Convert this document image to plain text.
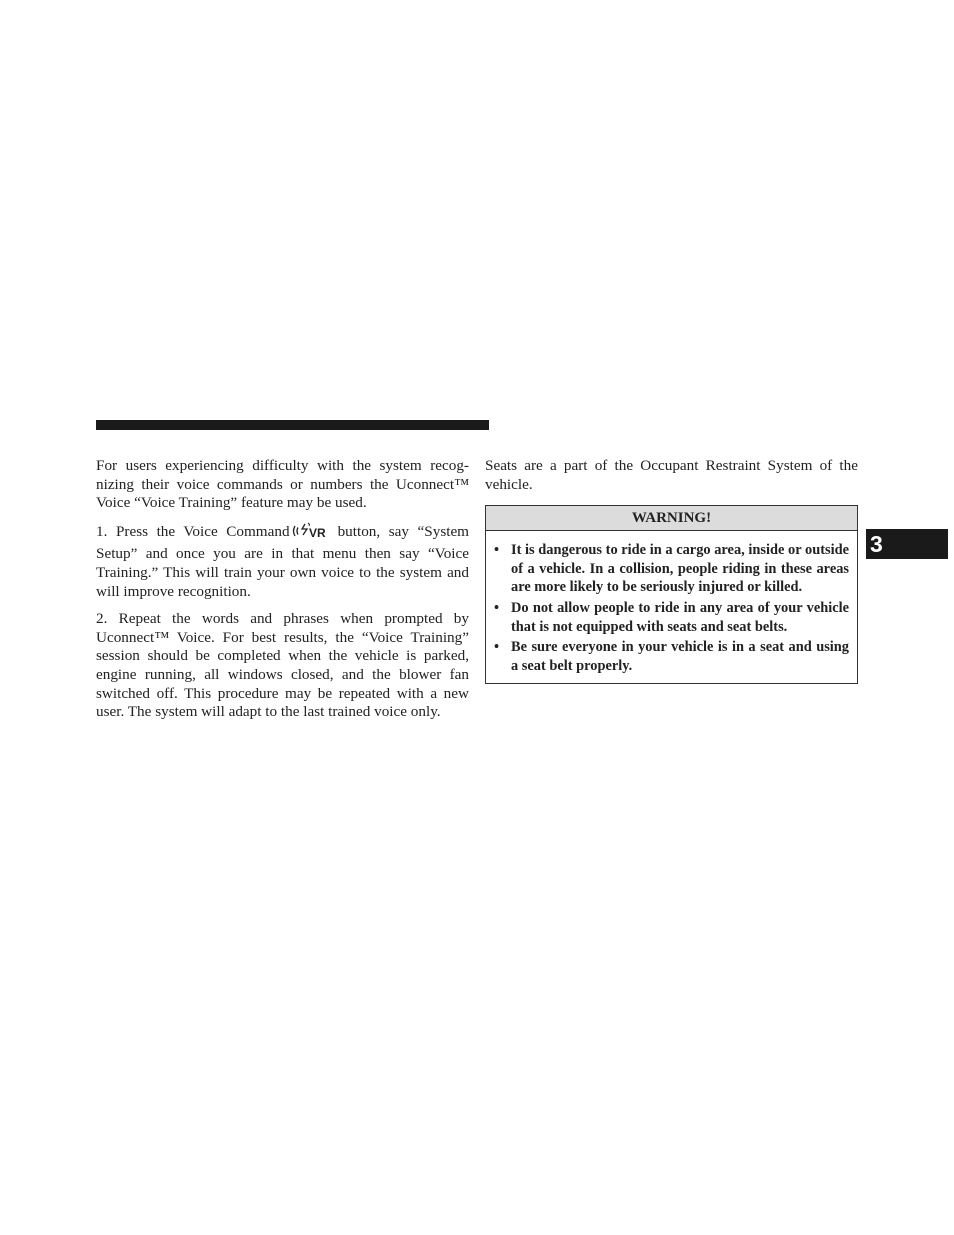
For users experiencing difficulty with the system recog-nizing their voice commands or numbers the Uconnect™ Voice “Voice Training” feature may be used.

1. Press the Voice Command VR button, say “System Setup” and once you are in that menu then say “Voice Training.” This will train your own voice to the system and will improve recognition.

2. Repeat the words and phrases when prompted by Uconnect™ Voice. For best results, the “Voice Training” session should be completed when the vehicle is parked, engine running, all windows closed, and the blower fan switched off. This procedure may be repeated with a new user. The system will adapt to the last trained voice only.

Seats are a part of the Occupant Restraint System of the vehicle.

WARNING!
• It is dangerous to ride in a cargo area, inside or outside of a vehicle. In a collision, people riding in these areas are more likely to be seriously injured or killed.
• Do not allow people to ride in any area of your vehicle that is not equipped with seats and seat belts.
• Be sure everyone in your vehicle is in a seat and using a seat belt properly.
3
